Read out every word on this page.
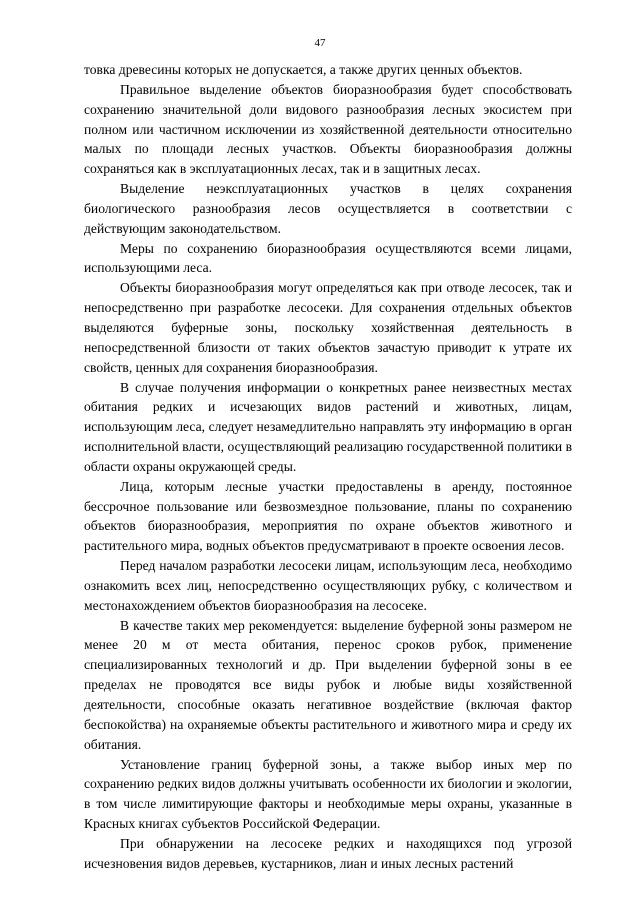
47

товка древесины которых не допускается, а также других ценных объектов.

Правильное выделение объектов биоразнообразия будет способствовать сохранению значительной доли видового разнообразия лесных экосистем при полном или частичном исключении из хозяйственной деятельности относительно малых по площади лесных участков. Объекты биоразнообразия должны сохраняться как в эксплуатационных лесах, так и в защитных лесах.

Выделение неэксплуатационных участков в целях сохранения биологического разнообразия лесов осуществляется в соответствии с действующим законодательством.

Меры по сохранению биоразнообразия осуществляются всеми лицами, использующими леса.

Объекты биоразнообразия могут определяться как при отводе лесосек, так и непосредственно при разработке лесосеки. Для сохранения отдельных объектов выделяются буферные зоны, поскольку хозяйственная деятельность в непосредственной близости от таких объектов зачастую приводит к утрате их свойств, ценных для сохранения биоразнообразия.

В случае получения информации о конкретных ранее неизвестных местах обитания редких и исчезающих видов растений и животных, лицам, использующим леса, следует незамедлительно направлять эту информацию в орган исполнительной власти, осуществляющий реализацию государственной политики в области охраны окружающей среды.

Лица, которым лесные участки предоставлены в аренду, постоянное бессрочное пользование или безвозмездное пользование, планы по сохранению объектов биоразнообразия, мероприятия по охране объектов животного и растительного мира, водных объектов предусматривают в проекте освоения лесов.

Перед началом разработки лесосеки лицам, использующим леса, необходимо ознакомить всех лиц, непосредственно осуществляющих рубку, с количеством и местонахождением объектов биоразнообразия на лесосеке.

В качестве таких мер рекомендуется: выделение буферной зоны размером не менее 20 м от места обитания, перенос сроков рубок, применение специализированных технологий и др. При выделении буферной зоны в ее пределах не проводятся все виды рубок и любые виды хозяйственной деятельности, способные оказать негативное воздействие (включая фактор беспокойства) на охраняемые объекты растительного и животного мира и среду их обитания.

Установление границ буферной зоны, а также выбор иных мер по сохранению редких видов должны учитывать особенности их биологии и экологии, в том числе лимитирующие факторы и необходимые меры охраны, указанные в Красных книгах субъектов Российской Федерации.

При обнаружении на лесосеке редких и находящихся под угрозой исчезновения видов деревьев, кустарников, лиан и иных лесных растений
